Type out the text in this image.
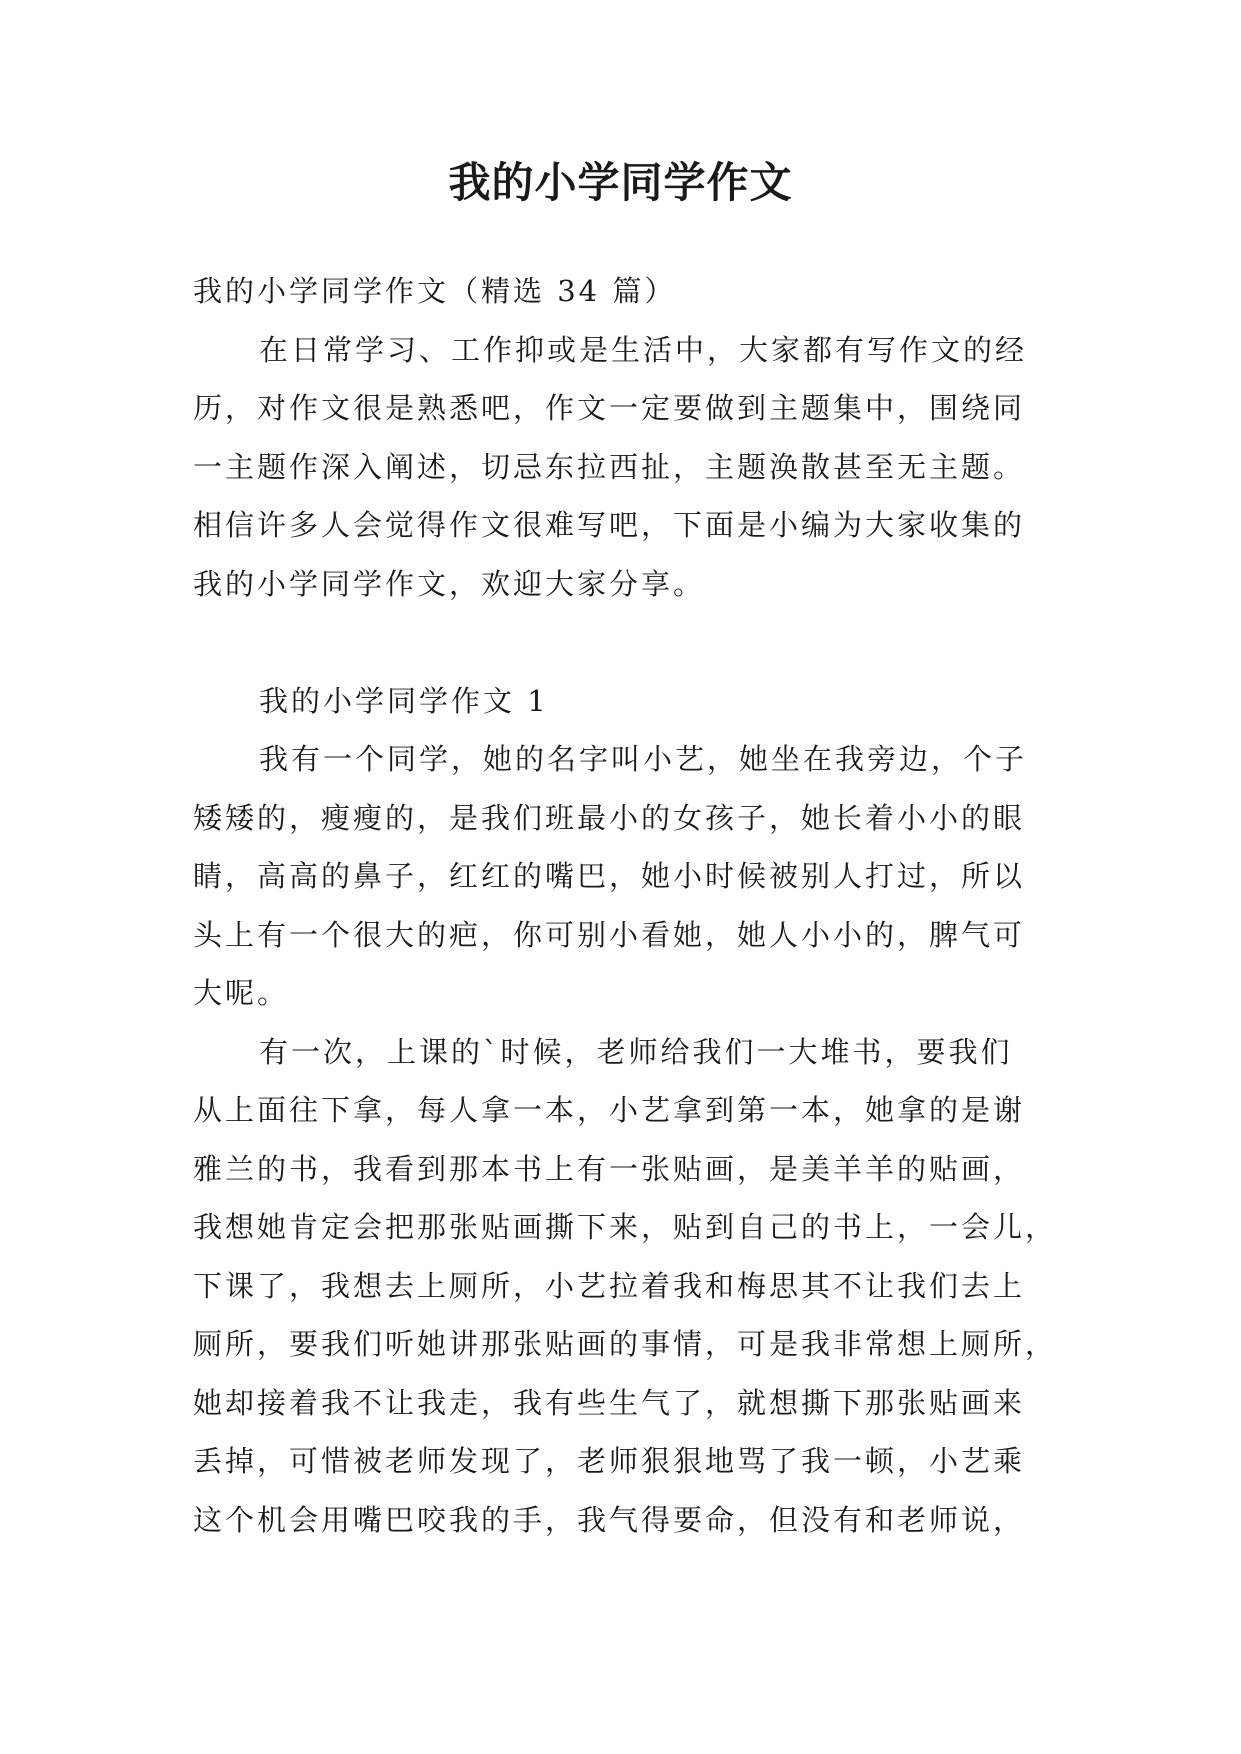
我的小学同学作文
我的小学同学作文（精选 34 篇）
在日常学习、工作抑或是生活中，大家都有写作文的经
历，对作文很是熟悉吧，作文一定要做到主题集中，围绕同
一主题作深入阐述，切忌东拉西扯，主题涣散甚至无主题。
相信许多人会觉得作文很难写吧，下面是小编为大家收集的
我的小学同学作文，欢迎大家分享。
我的小学同学作文 1
我有一个同学，她的名字叫小艺，她坐在我旁边，个子
矮矮的，瘦瘦的，是我们班最小的女孩子，她长着小小的眼
睛，高高的鼻子，红红的嘴巴，她小时候被别人打过，所以
头上有一个很大的疤，你可别小看她，她人小小的，脾气可
大呢。
有一次，上课的`时候，老师给我们一大堆书，要我们
从上面往下拿，每人拿一本，小艺拿到第一本，她拿的是谢
雅兰的书，我看到那本书上有一张贴画，是美羊羊的贴画，
我想她肯定会把那张贴画撕下来，贴到自己的书上，一会儿，
下课了，我想去上厕所，小艺拉着我和梅思其不让我们去上
厕所，要我们听她讲那张贴画的事情，可是我非常想上厕所，
她却接着我不让我走，我有些生气了，就想撕下那张贴画来
丢掉，可惜被老师发现了，老师狠狠地骂了我一顿，小艺乘
这个机会用嘴巴咬我的手，我气得要命，但没有和老师说，
